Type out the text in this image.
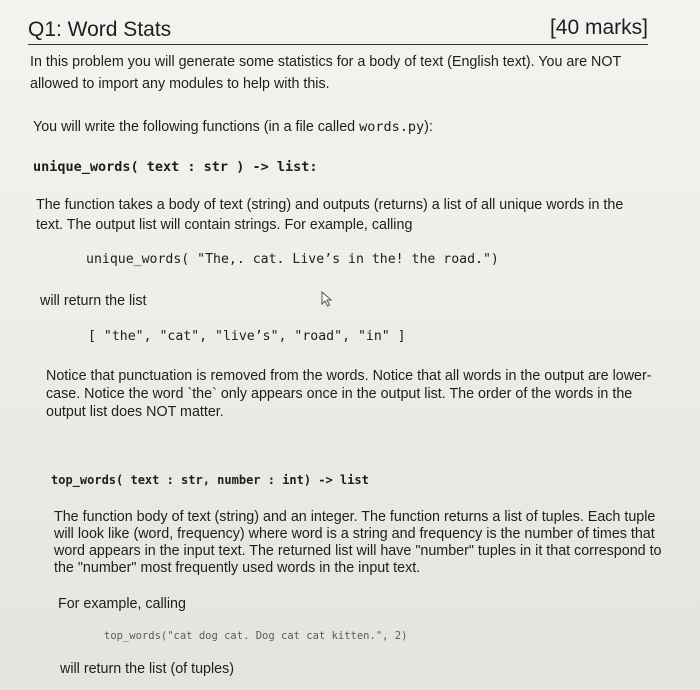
Q1: Word Stats	[40 marks]
In this problem you will generate some statistics for a body of text (English text). You are NOT
allowed to import any modules to help with this.
You will write the following functions (in a file called words.py):
unique_words( text : str ) -> list:
The function takes a body of text (string) and outputs (returns) a list of all unique words in the
text. The output list will contain strings. For example, calling
unique_words( "The,. cat. Live’s in the! the road.")
will return the list
[ "the", "cat", "live’s", "road", "in" ]
Notice that punctuation is removed from the words. Notice that all words in the output are lower-
case. Notice the word `the` only appears once in the output list. The order of the words in the
output list does NOT matter.
top_words( text : str, number : int) -> list
The function body of text (string) and an integer. The function returns a list of tuples. Each tuple
will look like (word, frequency) where word is a string and frequency is the number of times that
word appears in the input text. The returned list will have "number" tuples in it that correspond to
the "number" most frequently used words in the input text.
For example, calling
top_words("cat dog cat. Dog cat cat kitten.", 2)
will return the list (of tuples)
